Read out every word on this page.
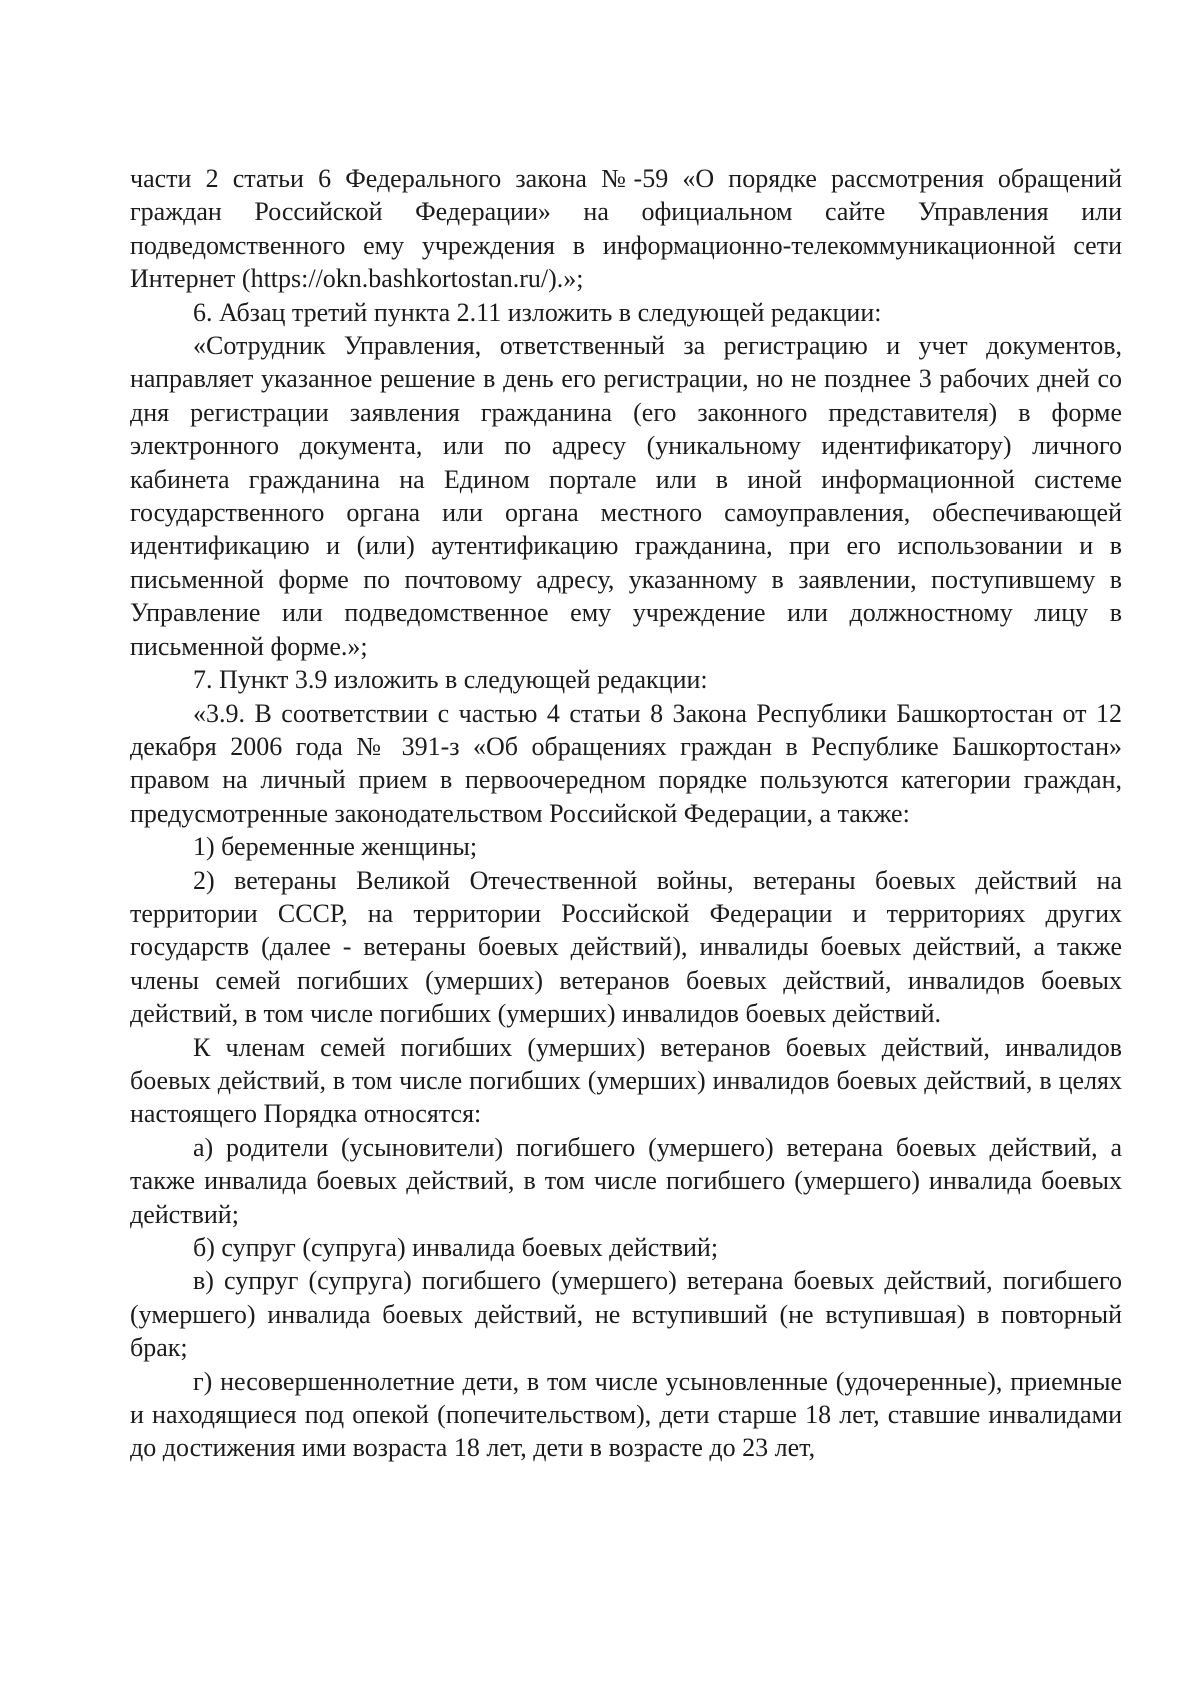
части 2 статьи 6 Федерального закона №-59 «О порядке рассмотрения обращений граждан Российской Федерации» на официальном сайте Управления или подведомственного ему учреждения в информационно-телекоммуникационной сети Интернет (https://okn.bashkortostan.ru/).»;

6. Абзац третий пункта 2.11 изложить в следующей редакции:

«Сотрудник Управления, ответственный за регистрацию и учет документов, направляет указанное решение в день его регистрации, но не позднее 3 рабочих дней со дня регистрации заявления гражданина (его законного представителя) в форме электронного документа, или по адресу (уникальному идентификатору) личного кабинета гражданина на Едином портале или в иной информационной системе государственного органа или органа местного самоуправления, обеспечивающей идентификацию и (или) аутентификацию гражданина, при его использовании и в письменной форме по почтовому адресу, указанному в заявлении, поступившему в Управление или подведомственное ему учреждение или должностному лицу в письменной форме.»;

7. Пункт 3.9 изложить в следующей редакции:

«3.9. В соответствии с частью 4 статьи 8 Закона Республики Башкортостан от 12 декабря 2006 года № 391-з «Об обращениях граждан в Республике Башкортостан» правом на личный прием в первоочередном порядке пользуются категории граждан, предусмотренные законодательством Российской Федерации, а также:

1) беременные женщины;

2) ветераны Великой Отечественной войны, ветераны боевых действий на территории СССР, на территории Российской Федерации и территориях других государств (далее - ветераны боевых действий), инвалиды боевых действий, а также члены семей погибших (умерших) ветеранов боевых действий, инвалидов боевых действий, в том числе погибших (умерших) инвалидов боевых действий.

К членам семей погибших (умерших) ветеранов боевых действий, инвалидов боевых действий, в том числе погибших (умерших) инвалидов боевых действий, в целях настоящего Порядка относятся:

а) родители (усыновители) погибшего (умершего) ветерана боевых действий, а также инвалида боевых действий, в том числе погибшего (умершего) инвалида боевых действий;

б) супруг (супруга) инвалида боевых действий;

в) супруг (супруга) погибшего (умершего) ветерана боевых действий, погибшего (умершего) инвалида боевых действий, не вступивший (не вступившая) в повторный брак;

г) несовершеннолетние дети, в том числе усыновленные (удочеренные), приемные и находящиеся под опекой (попечительством), дети старше 18 лет, ставшие инвалидами до достижения ими возраста 18 лет, дети в возрасте до 23 лет,
